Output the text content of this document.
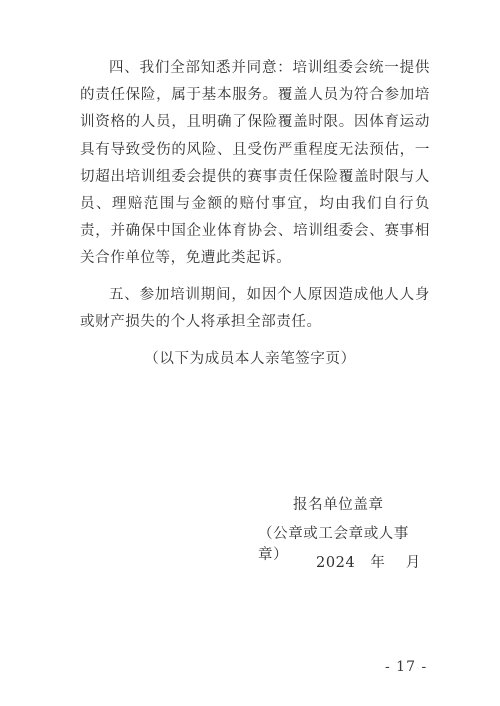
四、我们全部知悉并同意：培训组委会统一提供的责任保险，属于基本服务。覆盖人员为符合参加培训资格的人员，且明确了保险覆盖时限。因体育运动具有导致受伤的风险、且受伤严重程度无法预估，一切超出培训组委会提供的赛事责任保险覆盖时限与人员、理赔范围与金额的赔付事宜，均由我们自行负责，并确保中国企业体育协会、培训组委会、赛事相关合作单位等，免遭此类起诉。

五、参加培训期间，如因个人原因造成他人人身或财产损失的个人将承担全部责任。

（以下为成员本人亲笔签字页）
报名单位盖章
（公章或工会章或人事章）	2024　年　 月
- 17 -
